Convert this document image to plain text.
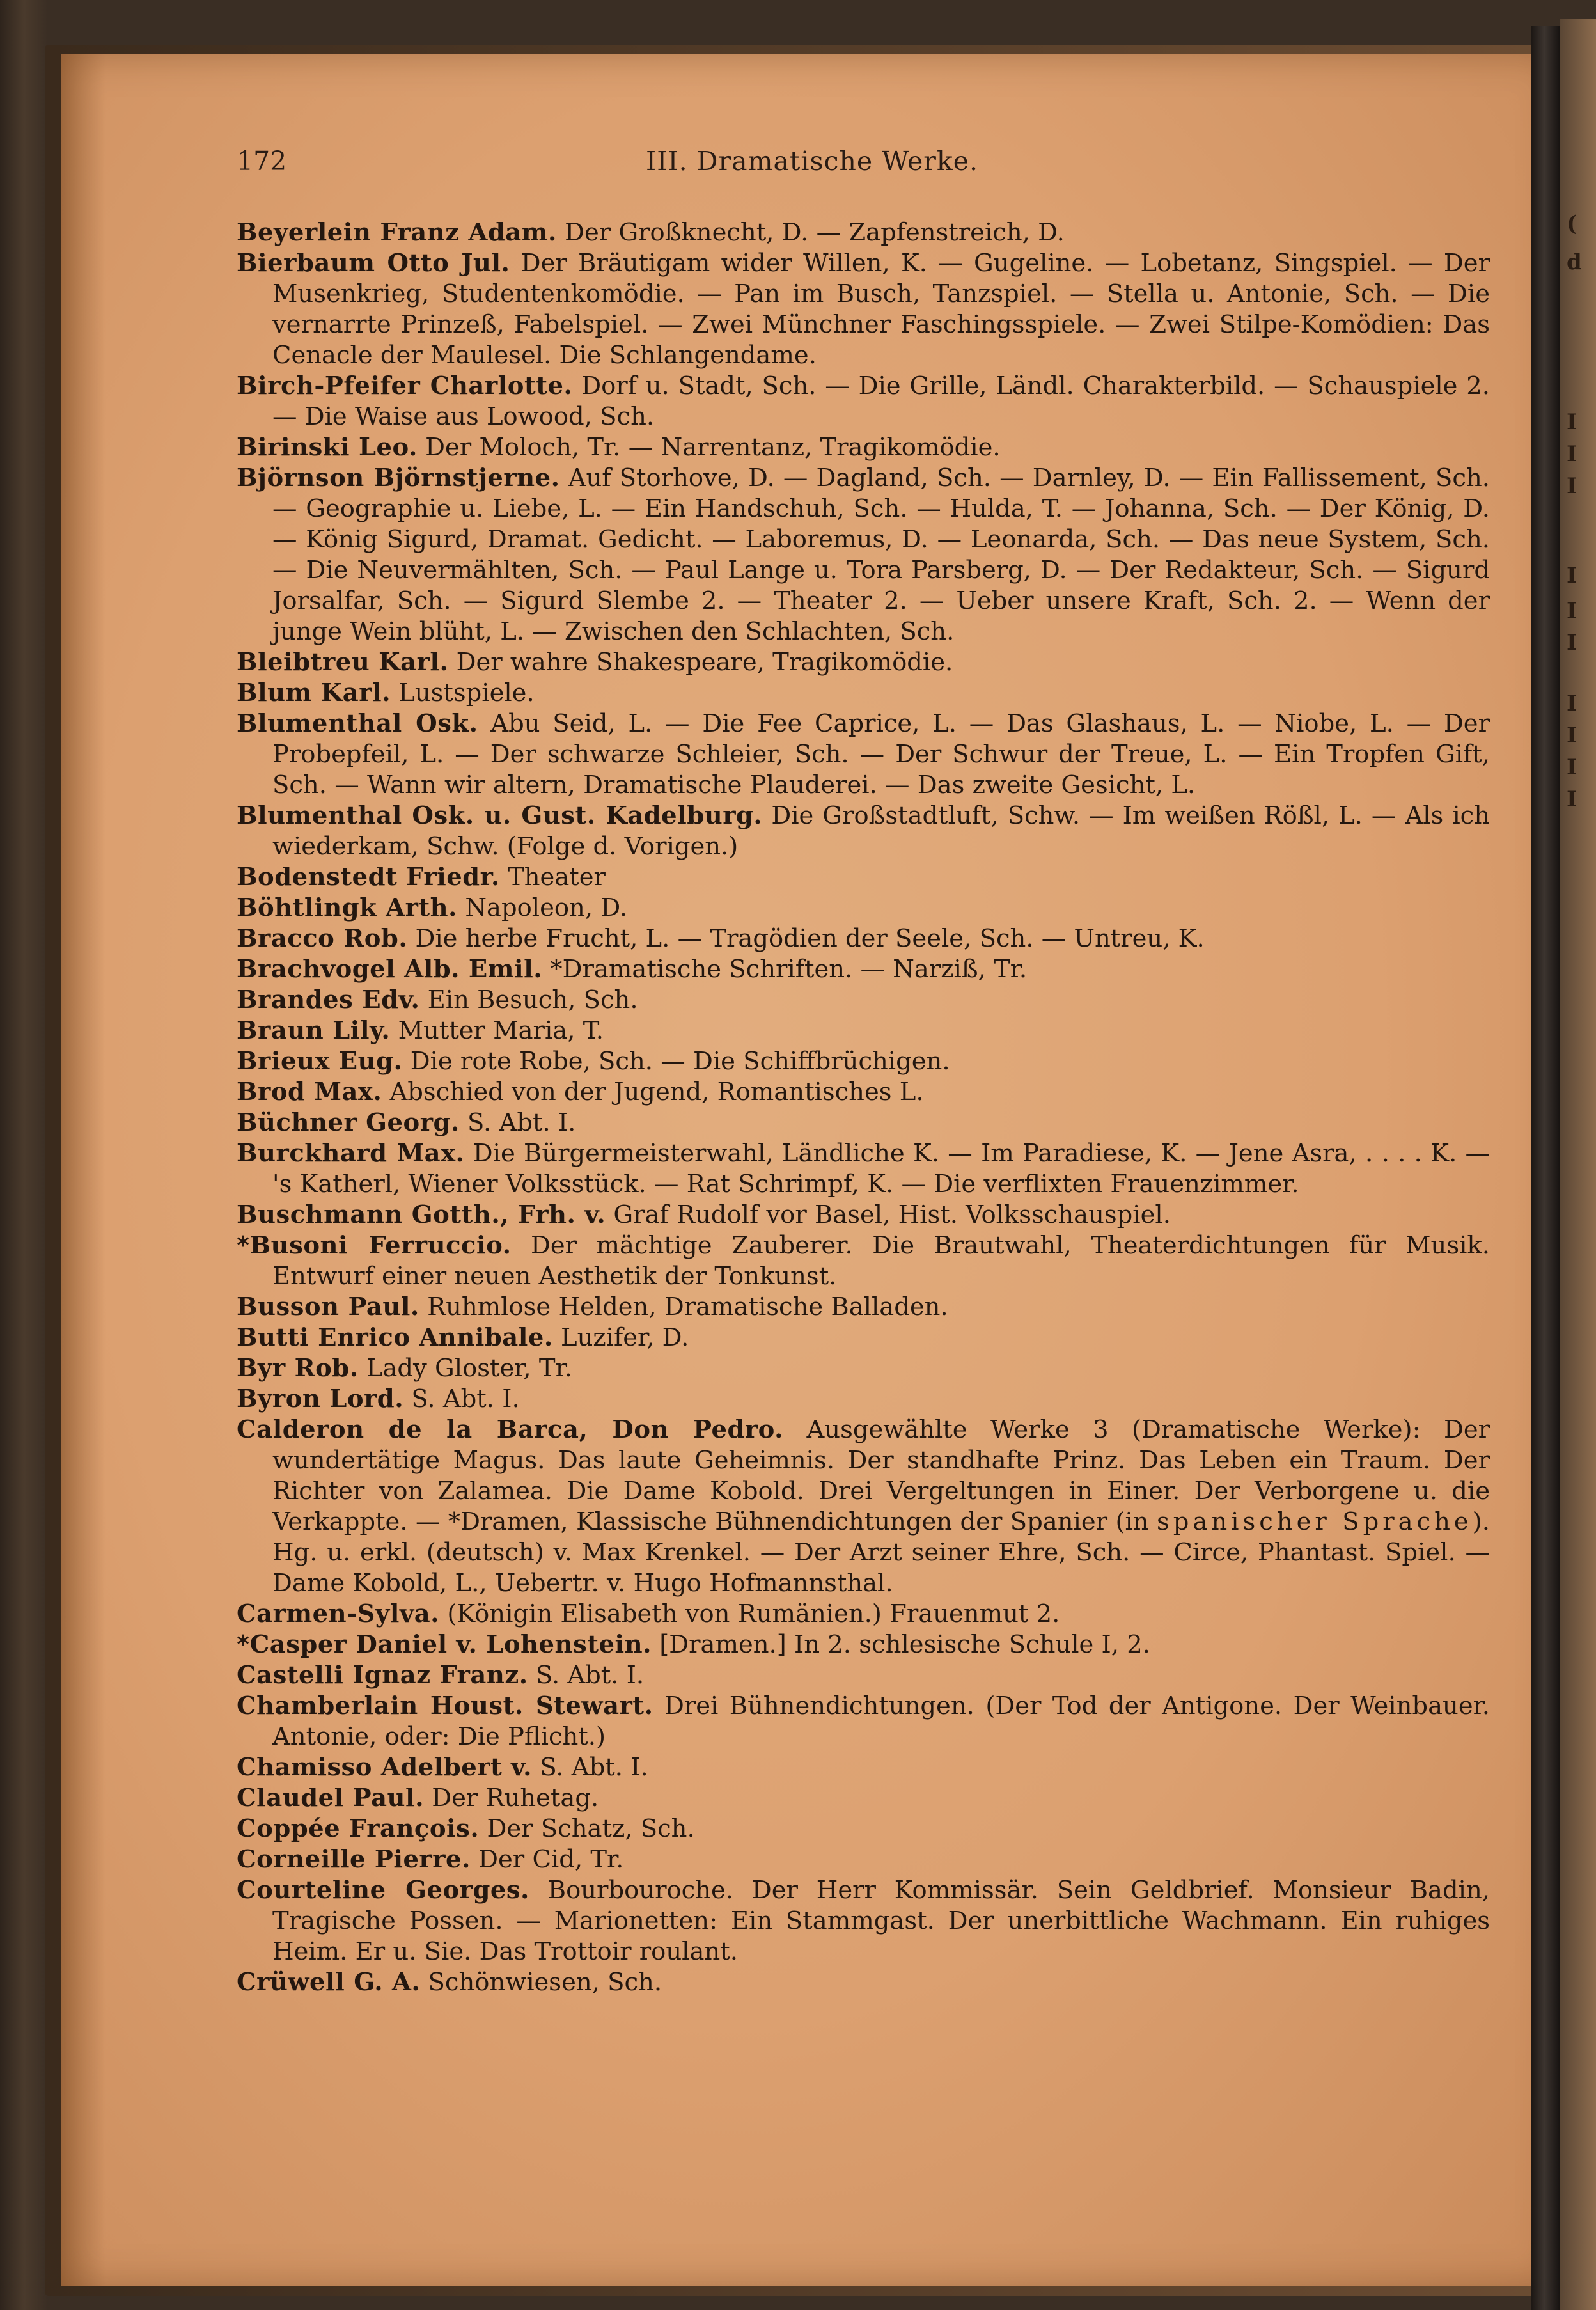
(
d
I
I
I
I
I
I
I
I
I
I
172	III. Dramatische Werke.

Beyerlein Franz Adam. Der Großknecht, D. — Zapfenstreich, D.

Bierbaum Otto Jul. Der Bräutigam wider Willen, K. — Gugeline. — Lobetanz, Singspiel. — Der Musenkrieg, Studentenkomödie. — Pan im Busch, Tanzspiel. — Stella u. Antonie, Sch. — Die vernarrte Prinzeß, Fabelspiel. — Zwei Münchner Faschingsspiele. — Zwei Stilpe-Komödien: Das Cenacle der Maulesel. Die Schlangendame.

Birch-Pfeifer Charlotte. Dorf u. Stadt, Sch. — Die Grille, Ländl. Charakterbild. — Schauspiele 2. — Die Waise aus Lowood, Sch.

Birinski Leo. Der Moloch, Tr. — Narrentanz, Tragikomödie.

Björnson Björnstjerne. Auf Storhove, D. — Dagland, Sch. — Darnley, D. — Ein Fallissement, Sch. — Geographie u. Liebe, L. — Ein Handschuh, Sch. — Hulda, T. — Johanna, Sch. — Der König, D. — König Sigurd, Dramat. Gedicht. — Laboremus, D. — Leonarda, Sch. — Das neue System, Sch. — Die Neuvermählten, Sch. — Paul Lange u. Tora Parsberg, D. — Der Redakteur, Sch. — Sigurd Jorsalfar, Sch. — Sigurd Slembe 2. — Theater 2. — Ueber unsere Kraft, Sch. 2. — Wenn der junge Wein blüht, L. — Zwischen den Schlachten, Sch.

Bleibtreu Karl. Der wahre Shakespeare, Tragikomödie.

Blum Karl. Lustspiele.

Blumenthal Osk. Abu Seid, L. — Die Fee Caprice, L. — Das Glashaus, L. — Niobe, L. — Der Probepfeil, L. — Der schwarze Schleier, Sch. — Der Schwur der Treue, L. — Ein Tropfen Gift, Sch. — Wann wir altern, Dramatische Plauderei. — Das zweite Gesicht, L.

Blumenthal Osk. u. Gust. Kadelburg. Die Großstadtluft, Schw. — Im weißen Rößl, L. — Als ich wiederkam, Schw. (Folge d. Vorigen.)

Bodenstedt Friedr. Theater

Böhtlingk Arth. Napoleon, D.

Bracco Rob. Die herbe Frucht, L. — Tragödien der Seele, Sch. — Untreu, K.

Brachvogel Alb. Emil. *Dramatische Schriften. — Narziß, Tr.

Brandes Edv. Ein Besuch, Sch.

Braun Lily. Mutter Maria, T.

Brieux Eug. Die rote Robe, Sch. — Die Schiffbrüchigen.

Brod Max. Abschied von der Jugend, Romantisches L.

Büchner Georg. S. Abt. I.

Burckhard Max. Die Bürgermeisterwahl, Ländliche K. — Im Paradiese, K. — Jene Asra, . . . . K. — 's Katherl, Wiener Volksstück. — Rat Schrimpf, K. — Die verflixten Frauenzimmer.

Buschmann Gotth., Frh. v. Graf Rudolf vor Basel, Hist. Volksschauspiel.

*Busoni Ferruccio. Der mächtige Zauberer. Die Brautwahl, Theaterdichtungen für Musik. Entwurf einer neuen Aesthetik der Tonkunst.

Busson Paul. Ruhmlose Helden, Dramatische Balladen.

Butti Enrico Annibale. Luzifer, D.

Byr Rob. Lady Gloster, Tr.

Byron Lord. S. Abt. I.

Calderon de la Barca, Don Pedro. Ausgewählte Werke 3 (Dramatische Werke): Der wundertätige Magus. Das laute Geheimnis. Der standhafte Prinz. Das Leben ein Traum. Der Richter von Zalamea. Die Dame Kobold. Drei Vergeltungen in Einer. Der Verborgene u. die Verkappte. — *Dramen, Klassische Bühnendichtungen der Spanier (in spanischer Sprache). Hg. u. erkl. (deutsch) v. Max Krenkel. — Der Arzt seiner Ehre, Sch. — Circe, Phantast. Spiel. — Dame Kobold, L., Uebertr. v. Hugo Hofmannsthal.

Carmen-Sylva. (Königin Elisabeth von Rumänien.) Frauenmut 2.

*Casper Daniel v. Lohenstein. [Dramen.] In 2. schlesische Schule I, 2.

Castelli Ignaz Franz. S. Abt. I.

Chamberlain Houst. Stewart. Drei Bühnendichtungen. (Der Tod der Antigone. Der Weinbauer. Antonie, oder: Die Pflicht.)

Chamisso Adelbert v. S. Abt. I.

Claudel Paul. Der Ruhetag.

Coppée François. Der Schatz, Sch.

Corneille Pierre. Der Cid, Tr.

Courteline Georges. Bourbouroche. Der Herr Kommissär. Sein Geldbrief. Monsieur Badin, Tragische Possen. — Marionetten: Ein Stammgast. Der unerbittliche Wachmann. Ein ruhiges Heim. Er u. Sie. Das Trottoir roulant.

Crüwell G. A. Schönwiesen, Sch.
